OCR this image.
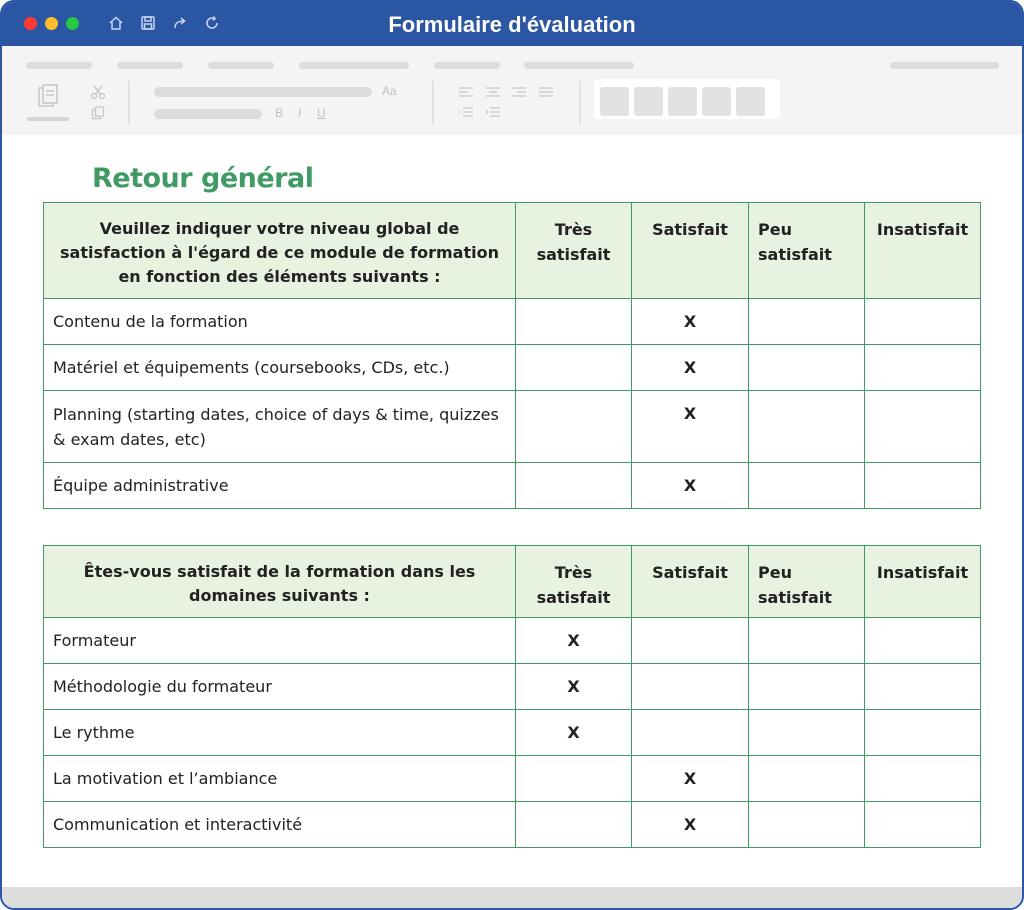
Formulaire d'évaluation
Aa
B I U
Retour général
Veuillez indiquer votre niveau global de satisfaction à l'égard de ce module de formation en fonction des éléments suivants :	Très satisfait	Satisfait	Peu satisfait	Insatisfait
Contenu de la formation		X		
Matériel et équipements (coursebooks, CDs, etc.)		X		
Planning (starting dates, choice of days & time, quizzes & exam dates, etc)		X		
Équipe administrative		X		
Êtes-vous satisfait de la formation dans les domaines suivants :	Très satisfait	Satisfait	Peu satisfait	Insatisfait
Formateur	X			
Méthodologie du formateur	X			
Le rythme	X			
La motivation et l’ambiance		X		
Communication et interactivité		X		
